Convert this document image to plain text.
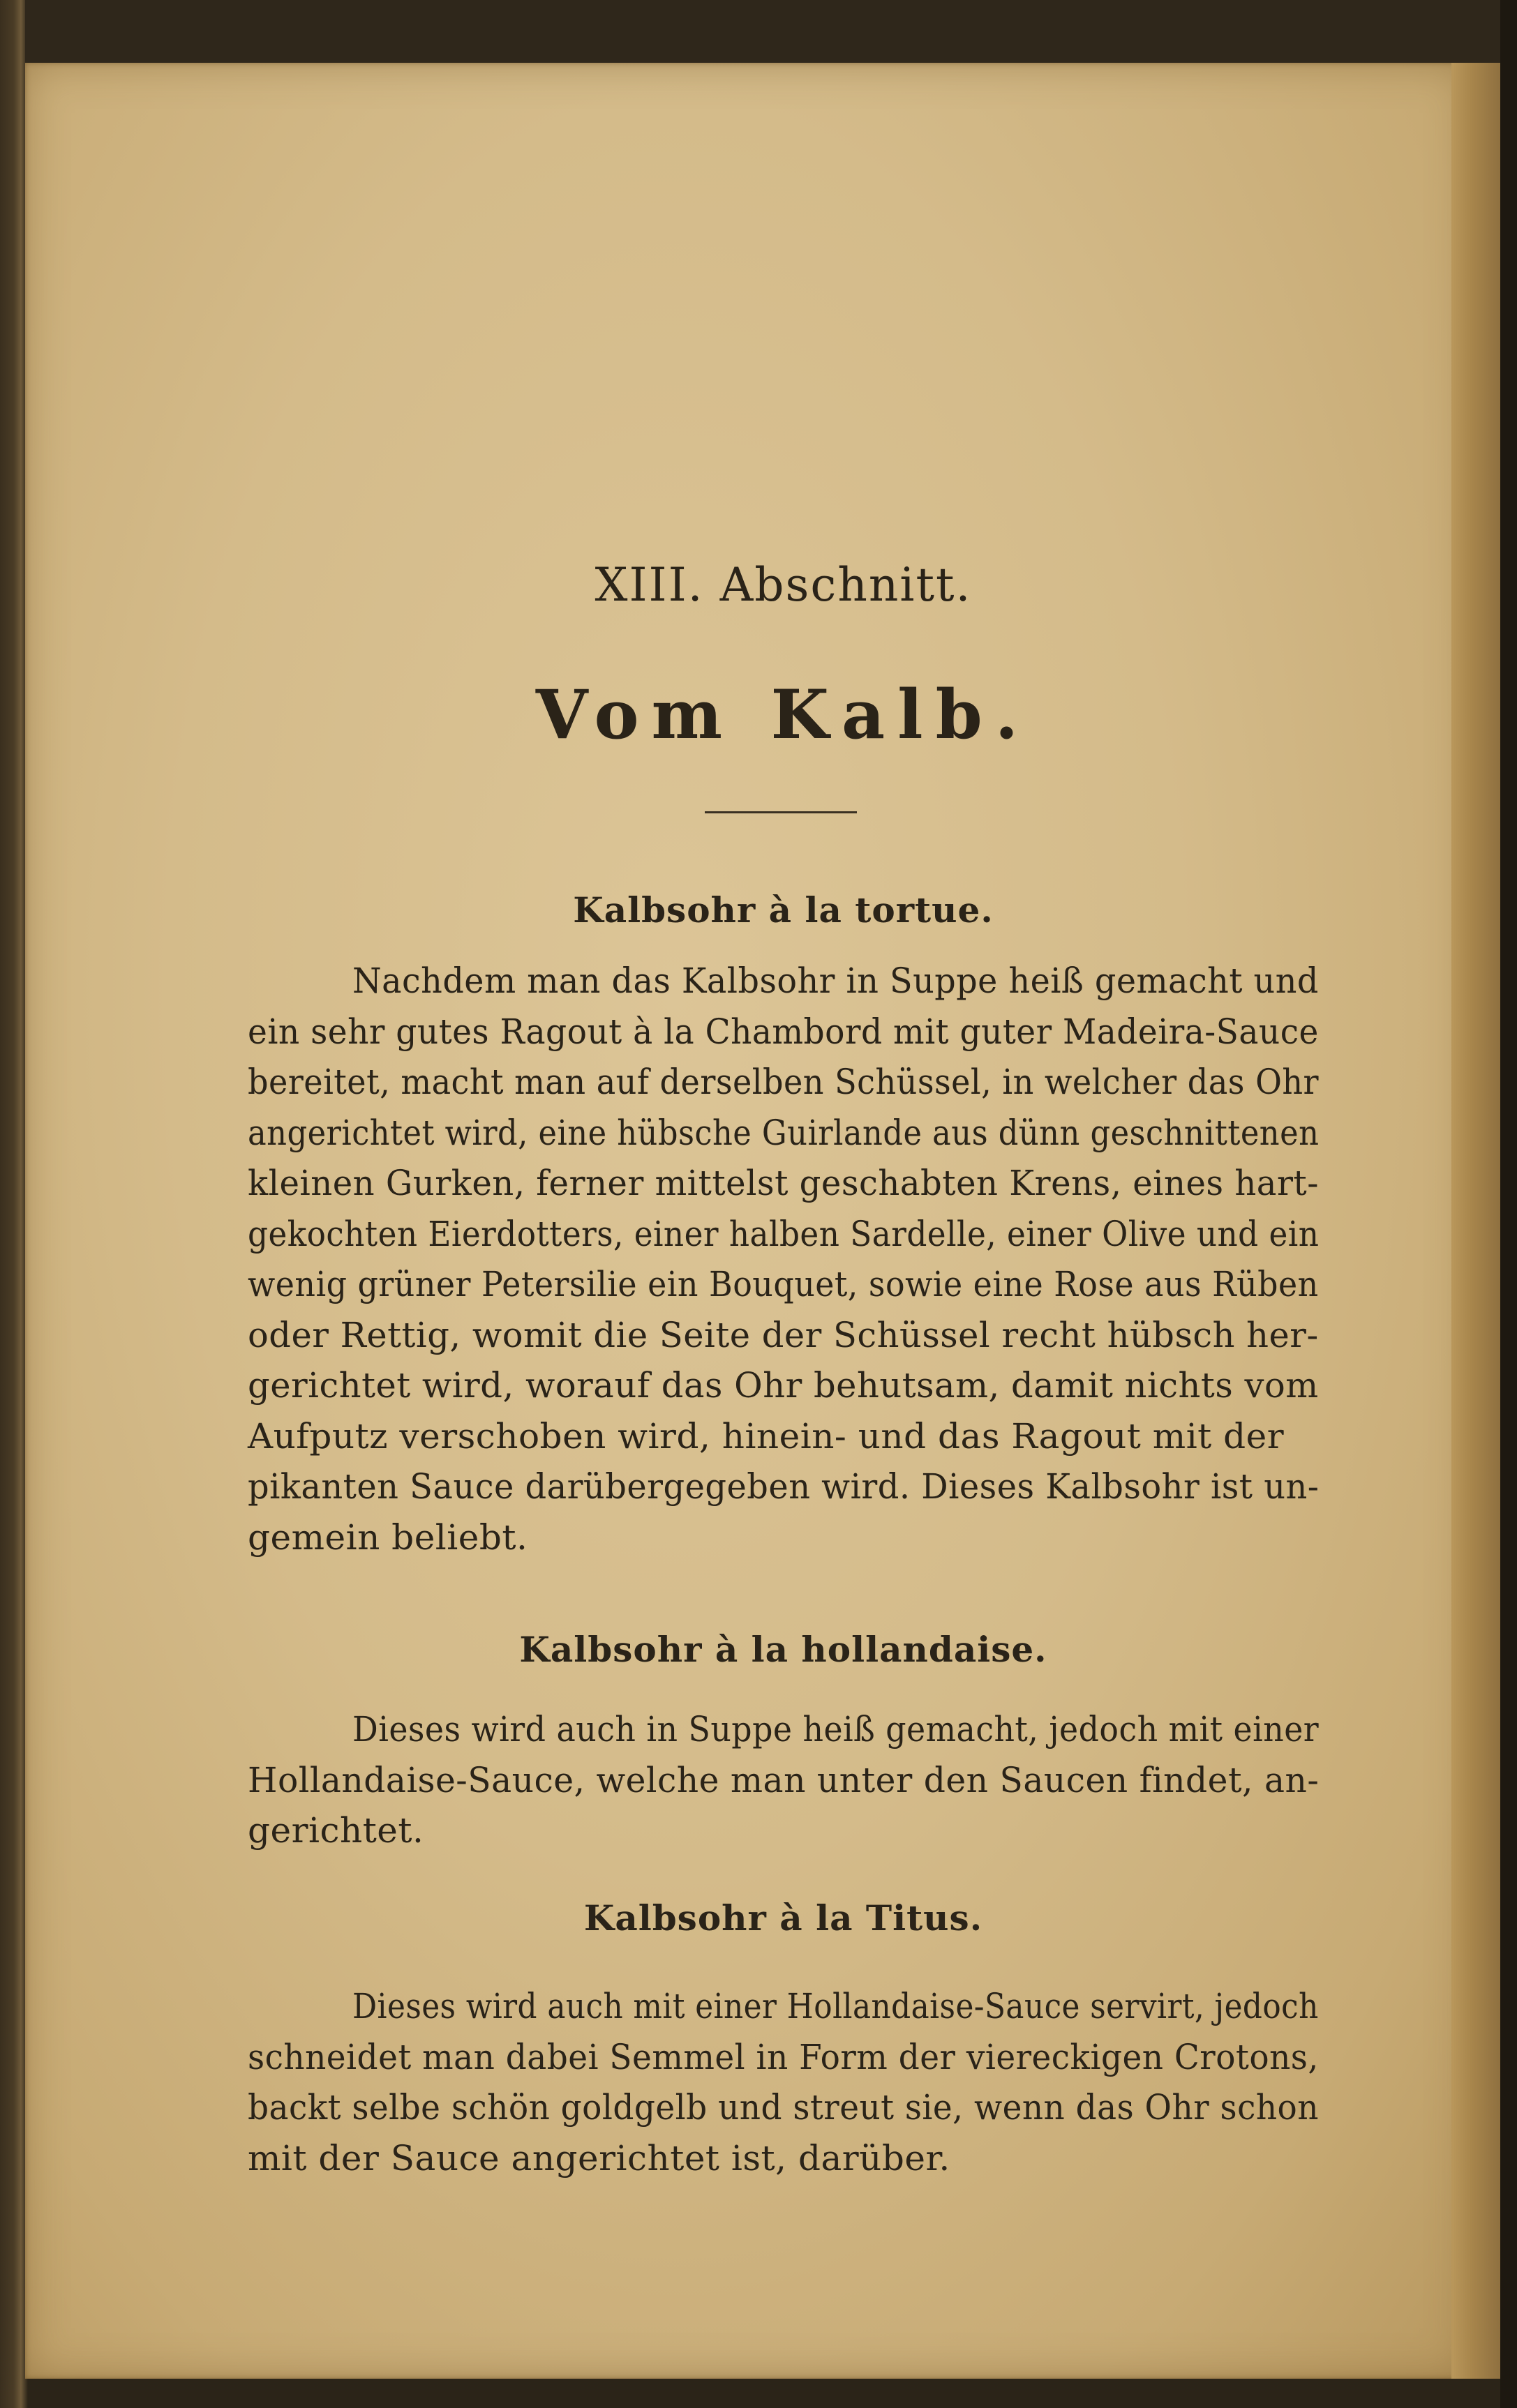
XIII. Abschnitt.
Vom Kalb.
Kalbsohr à la tortue.
Nachdem man das Kalbsohr in Suppe heiß gemacht und
ein sehr gutes Ragout à la Chambord mit guter Madeira-Sauce
bereitet, macht man auf derselben Schüssel, in welcher das Ohr
angerichtet wird, eine hübsche Guirlande aus dünn geschnittenen
kleinen Gurken, ferner mittelst geschabten Krens, eines hart-
gekochten Eierdotters, einer halben Sardelle, einer Olive und ein
wenig grüner Petersilie ein Bouquet, sowie eine Rose aus Rüben
oder Rettig, womit die Seite der Schüssel recht hübsch her-
gerichtet wird, worauf das Ohr behutsam, damit nichts vom
Aufputz verschoben wird, hinein- und das Ragout mit der
pikanten Sauce darübergegeben wird. Dieses Kalbsohr ist un-
gemein beliebt.
Kalbsohr à la hollandaise.
Dieses wird auch in Suppe heiß gemacht, jedoch mit einer
Hollandaise-Sauce, welche man unter den Saucen findet, an-
gerichtet.
Kalbsohr à la Titus.
Dieses wird auch mit einer Hollandaise-Sauce servirt, jedoch
schneidet man dabei Semmel in Form der viereckigen Crotons,
backt selbe schön goldgelb und streut sie, wenn das Ohr schon
mit der Sauce angerichtet ist, darüber.
